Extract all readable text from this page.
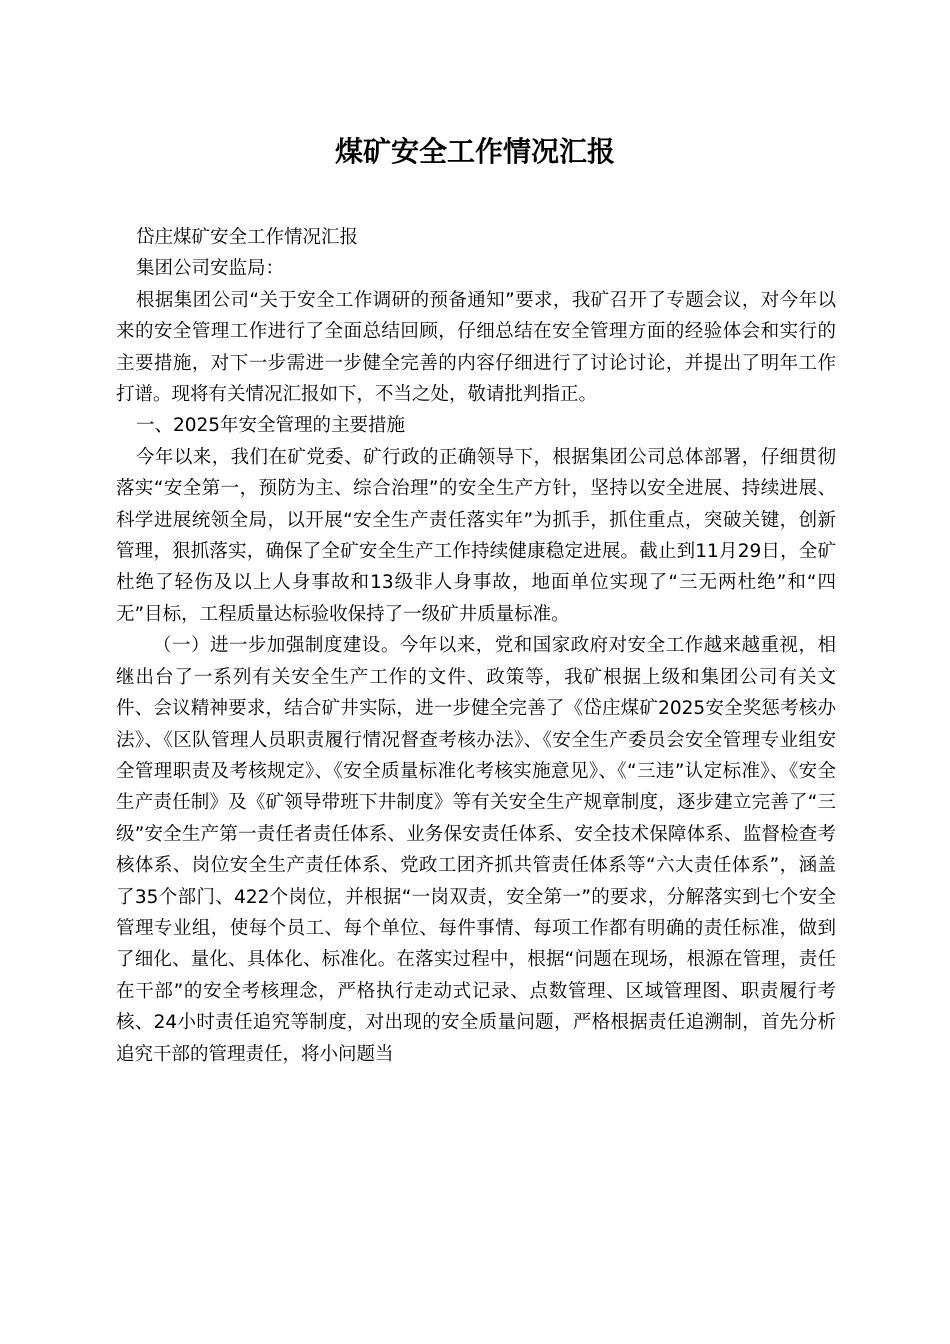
煤矿安全工作情况汇报

岱庄煤矿安全工作情况汇报

集团公司安监局：

根据集团公司“关于安全工作调研的预备通知”要求，我矿召开了专题会议，对今年以来的安全管理工作进行了全面总结回顾，仔细总结在安全管理方面的经验体会和实行的主要措施，对下一步需进一步健全完善的内容仔细进行了讨论讨论，并提出了明年工作打谱。现将有关情况汇报如下，不当之处，敬请批判指正。

一、2025年安全管理的主要措施

今年以来，我们在矿党委、矿行政的正确领导下，根据集团公司总体部署，仔细贯彻落实“安全第一，预防为主、综合治理”的安全生产方针，坚持以安全进展、持续进展、科学进展统领全局，以开展“安全生产责任落实年”为抓手，抓住重点，突破关键，创新管理，狠抓落实，确保了全矿安全生产工作持续健康稳定进展。截止到11月29日，全矿杜绝了轻伤及以上人身事故和13级非人身事故，地面单位实现了“三无两杜绝”和“四无”目标，工程质量达标验收保持了一级矿井质量标准。

（一）进一步加强制度建设。今年以来，党和国家政府对安全工作越来越重视，相继出台了一系列有关安全生产工作的文件、政策等，我矿根据上级和集团公司有关文件、会议精神要求，结合矿井实际，进一步健全完善了《岱庄煤矿2025安全奖惩考核办法》、《区队管理人员职责履行情况督查考核办法》、《安全生产委员会安全管理专业组安全管理职责及考核规定》、《安全质量标准化考核实施意见》、《“三违”认定标准》、《安全生产责任制》及《矿领导带班下井制度》等有关安全生产规章制度，逐步建立完善了“三级”安全生产第一责任者责任体系、业务保安责任体系、安全技术保障体系、监督检查考核体系、岗位安全生产责任体系、党政工团齐抓共管责任体系等“六大责任体系”，涵盖了35个部门、422个岗位，并根据“一岗双责，安全第一”的要求，分解落实到七个安全管理专业组，使每个员工、每个单位、每件事情、每项工作都有明确的责任标准，做到了细化、量化、具体化、标准化。在落实过程中，根据“问题在现场，根源在管理，责任在干部”的安全考核理念，严格执行走动式记录、点数管理、区域管理图、职责履行考核、24小时责任追究等制度，对出现的安全质量问题，严格根据责任追溯制，首先分析追究干部的管理责任，将小问题当
